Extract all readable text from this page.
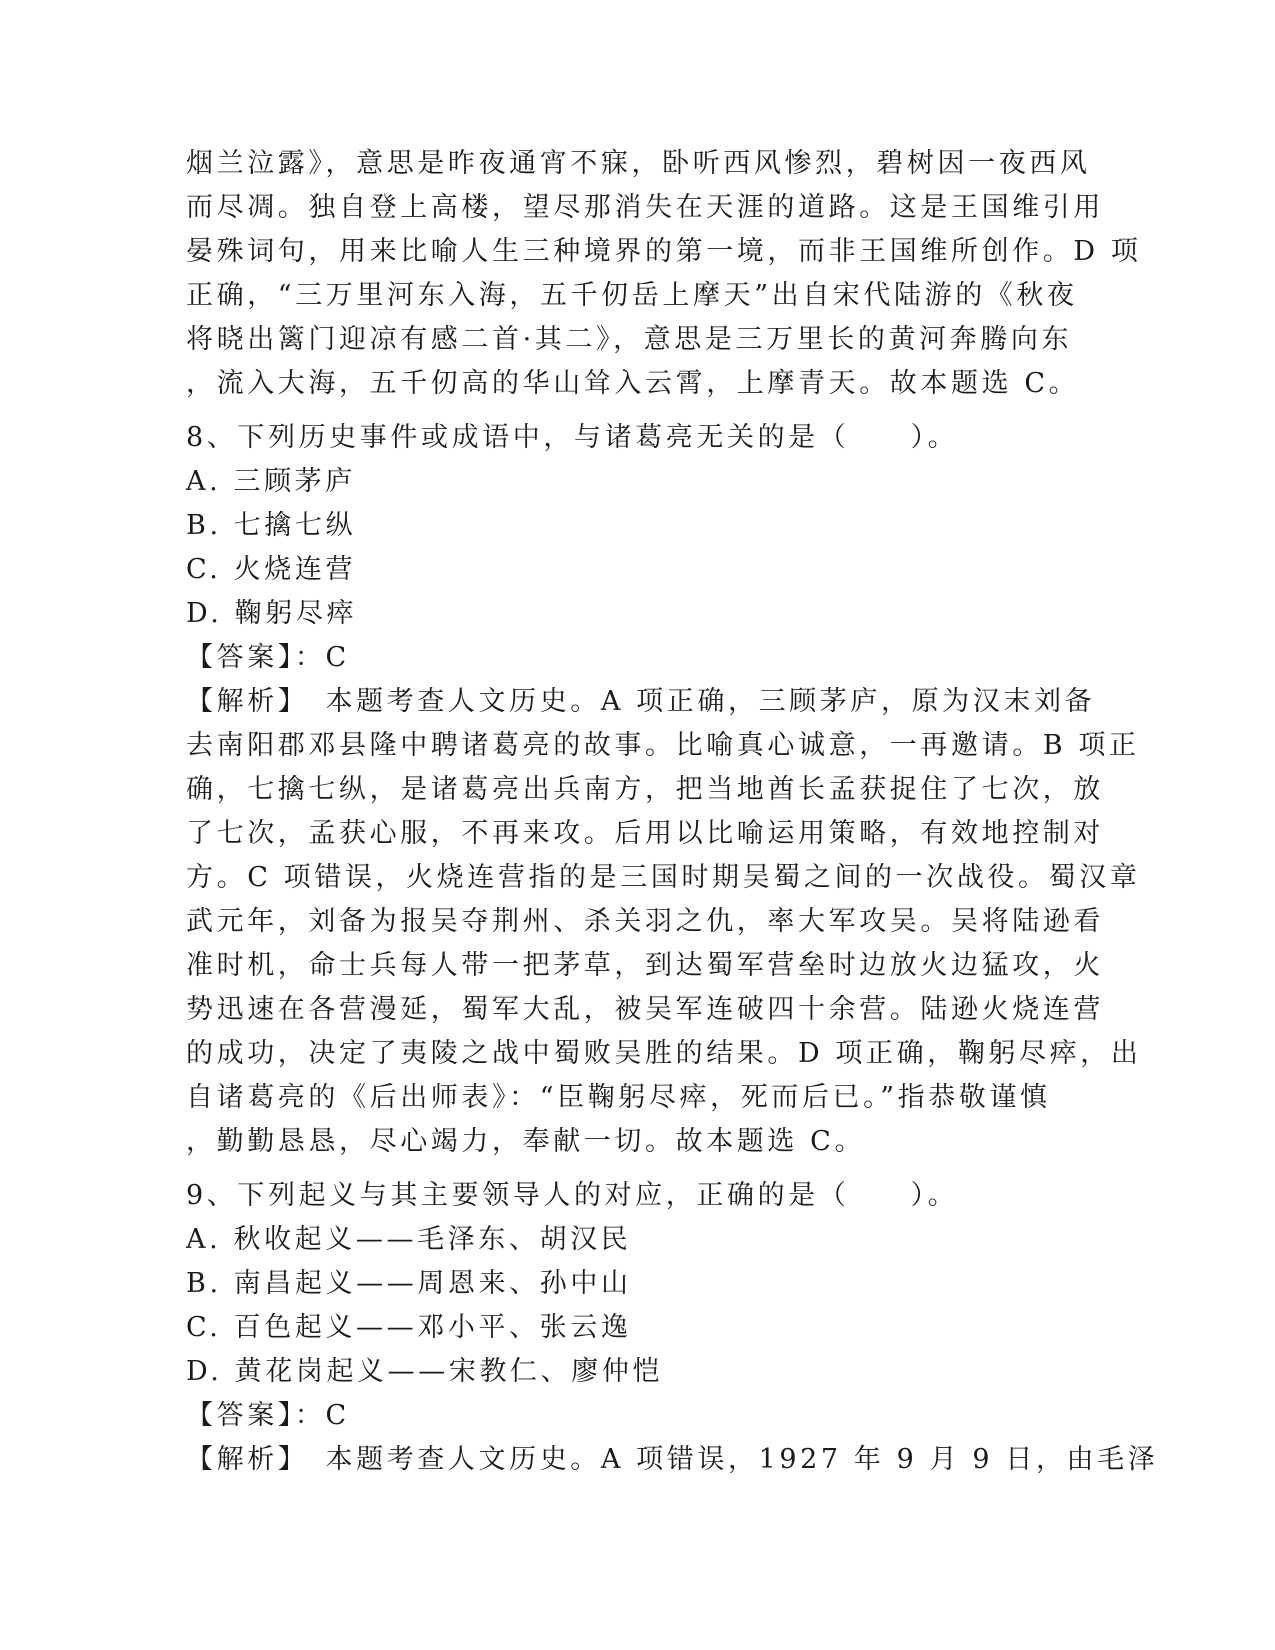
烟兰泣露》，意思是昨夜通宵不寐，卧听西风惨烈，碧树因一夜西风
而尽凋。独自登上高楼，望尽那消失在天涯的道路。这是王国维引用
晏殊词句，用来比喻人生三种境界的第一境，而非王国维所创作。D 项
正确，“三万里河东入海，五千仞岳上摩天”出自宋代陆游的《秋夜
将晓出篱门迎凉有感二首·其二》，意思是三万里长的黄河奔腾向东
，流入大海，五千仞高的华山耸入云霄，上摩青天。故本题选 C。
8、下列历史事件或成语中，与诸葛亮无关的是（　　）。
A. 三顾茅庐
B. 七擒七纵
C. 火烧连营
D. 鞠躬尽瘁
【答案】：C
【解析】　本题考查人文历史。A 项正确，三顾茅庐，原为汉末刘备
去南阳郡邓县隆中聘诸葛亮的故事。比喻真心诚意，一再邀请。B 项正
确，七擒七纵，是诸葛亮出兵南方，把当地酋长孟获捉住了七次，放
了七次，孟获心服，不再来攻。后用以比喻运用策略，有效地控制对
方。C 项错误，火烧连营指的是三国时期吴蜀之间的一次战役。蜀汉章
武元年，刘备为报吴夺荆州、杀关羽之仇，率大军攻吴。吴将陆逊看
准时机，命士兵每人带一把茅草，到达蜀军营垒时边放火边猛攻，火
势迅速在各营漫延，蜀军大乱，被吴军连破四十余营。陆逊火烧连营
的成功，决定了夷陵之战中蜀败吴胜的结果。D 项正确，鞠躬尽瘁，出
自诸葛亮的《后出师表》：“臣鞠躬尽瘁，死而后已。”指恭敬谨慎
，勤勤恳恳，尽心竭力，奉献一切。故本题选 C。
9、下列起义与其主要领导人的对应，正确的是（　　）。
A. 秋收起义——毛泽东、胡汉民
B. 南昌起义——周恩来、孙中山
C. 百色起义——邓小平、张云逸
D. 黄花岗起义——宋教仁、廖仲恺
【答案】：C
【解析】　本题考查人文历史。A 项错误，1927 年 9 月 9 日，由毛泽
